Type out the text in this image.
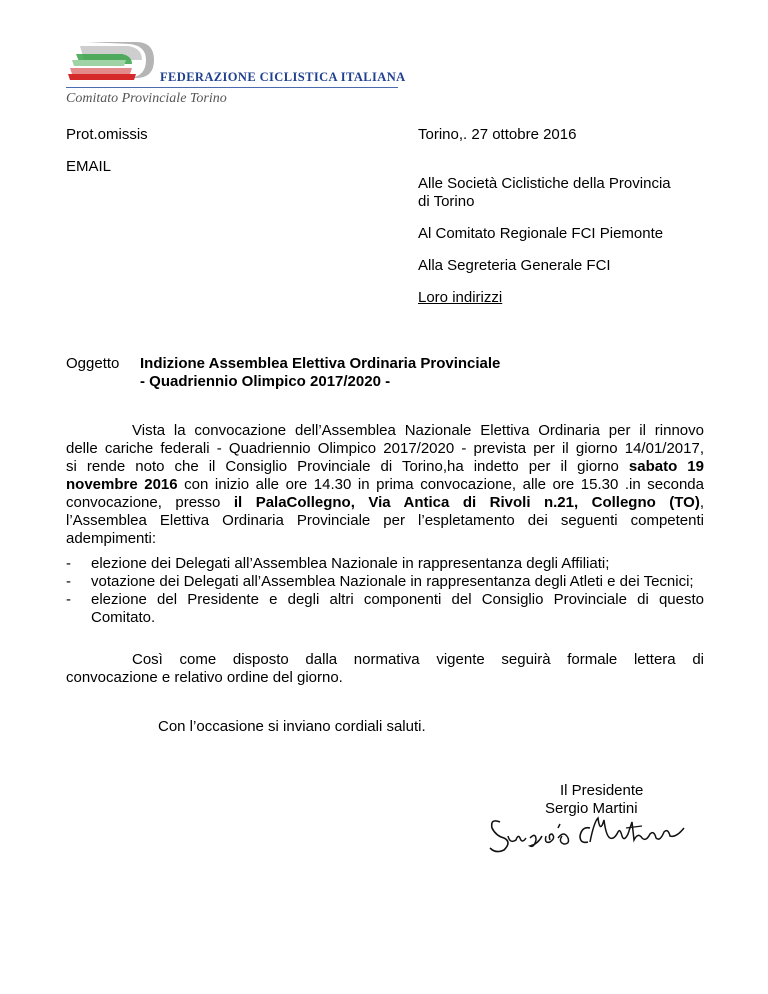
FEDERAZIONE CICLISTICA ITALIANA
Comitato Provinciale Torino
Prot.omissis	Torino,. 27 ottobre 2016
EMAIL
Alle Società Ciclistiche della Provincia
di Torino
Al Comitato Regionale FCI Piemonte
Alla Segreteria Generale FCI
Loro indirizzi
Oggetto Indizione Assemblea Elettiva Ordinaria Provinciale
- Quadriennio Olimpico 2017/2020 -
Vista la convocazione dell’Assemblea Nazionale Elettiva Ordinaria per il rinnovo
delle cariche federali - Quadriennio Olimpico 2017/2020 - prevista per il giorno 14/01/2017,
si rende noto che il Consiglio Provinciale di Torino,ha indetto per il giorno sabato 19
novembre 2016 con inizio alle ore 14.30 in prima convocazione, alle ore 15.30 .in seconda
convocazione, presso il PalaCollegno, Via Antica di Rivoli n.21, Collegno (TO),
l’Assemblea Elettiva Ordinaria Provinciale per l’espletamento dei seguenti competenti
adempimenti:
- elezione dei Delegati all’Assemblea Nazionale in rappresentanza degli Affiliati;
- votazione dei Delegati all’Assemblea Nazionale in rappresentanza degli Atleti e dei Tecnici;
- elezione del Presidente e degli altri componenti del Consiglio Provinciale di questo Comitato.
Così come disposto dalla normativa vigente seguirà formale lettera di
convocazione e relativo ordine del giorno.
Con l’occasione si inviano cordiali saluti.
Il Presidente
Sergio Martini
